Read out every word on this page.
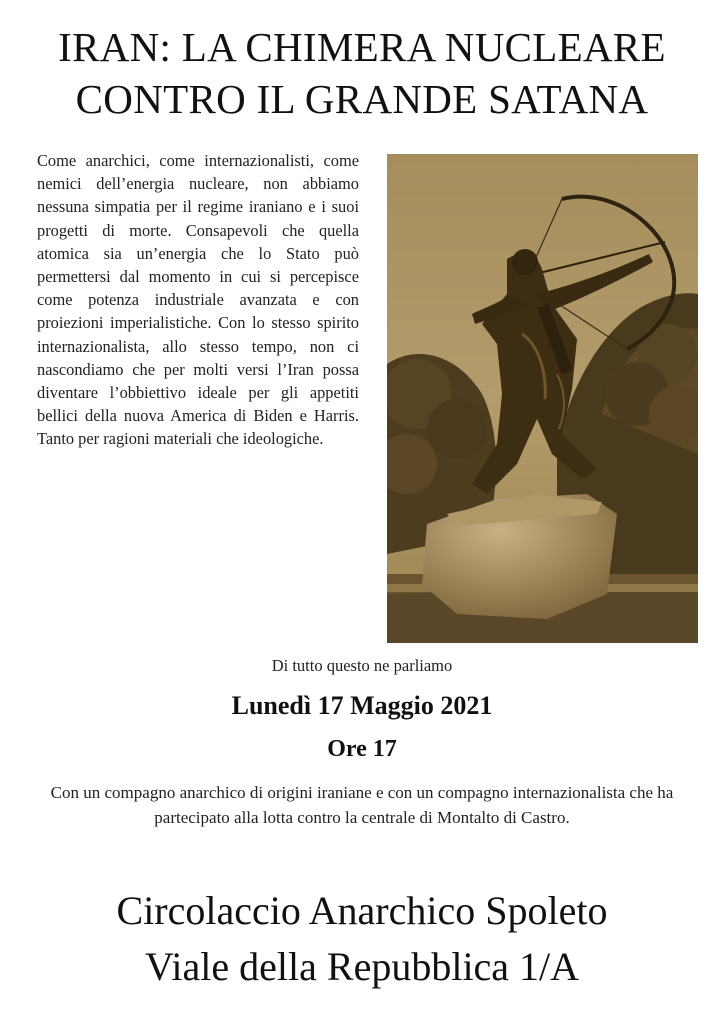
IRAN: LA CHIMERA NUCLEARE
CONTRO IL GRANDE SATANA

Come anarchici, come internazionalisti, come nemici dell’energia nucleare, non abbiamo nessuna simpatia per il regime iraniano e i suoi progetti di morte. Consapevoli che quella atomica sia un’energia che lo Stato può permettersi dal momento in cui si percepisce come potenza industriale avanzata e con proiezioni imperialistiche. Con lo stesso spirito internazionalista, allo stesso tempo, non ci nascondiamo che per molti versi l’Iran possa diventare l’obbiettivo ideale per gli appetiti bellici della nuova America di Biden e Harris. Tanto per ragioni materiali che ideologiche.

Di tutto questo ne parliamo
Lunedì 17 Maggio 2021
Ore 17
Con un compagno anarchico di origini iraniane e con un compagno internazionalista che ha partecipato alla lotta contro la centrale di Montalto di Castro.
Circolaccio Anarchico Spoleto
Viale della Repubblica 1/A
